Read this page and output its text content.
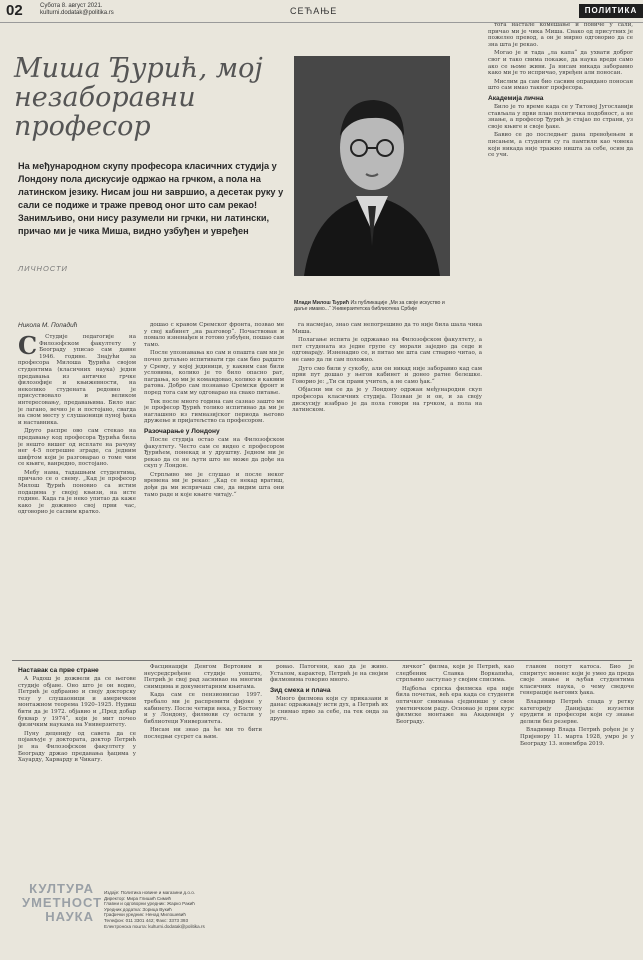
02	Субота 8. август 2021.
kulturni.dodatak@politika.rs	СЕЋАЊЕ	ПОЛИТИКА
Миша Ђурић, мој незаборавни професор

На међународном скупу професора класичних студија у Лондону пола дискусије одржао на грчком, а пола на латинском језику. Нисам још ни завршио, а десетак руку у сали се подиже и траже превод оног што сам рекао! Занимљиво, они нису разумели ни грчки, ни латински, причао ми је чика Миша, видно узбуђен и увређен

ЛИЧНОСТИ
Млади Милош Ђурић Из публикације „Ми за своје искуство и даље имамо...“ Универзитетска библиотека Србије
Никола М. Попадић
С	Студије педагогије на Филозофском факултету у Београду уписао сам давне 1946. године. Знајући за професора Милоша Ђурића својом студентима (класичних наука) једни предавања из античке грчке филозофије и књижевности, на неколико студената редовно је присуствовало и великом интересовању, предавањима. Било нас је лагано, вечно је и постојано, свагда на свом месту у слушаоници пуној ђака и наставника.

Друго распре ово сам стекао на предавању код професора Ђурића била је нешто вишег од исплате на рачуну нег 4-5 погрешне зграде, са једним шифтом који је разговарао о томе чим се књиге, ванредно, постојано.

Мебу нама, тадашњим студентима, причало се о свему. „Кад је професор Милош Ђурић поновио са истим подацима у својој књизи, на исте године. Када га је неко упитао да каже како је доживео свој први час, одговорио је сасвим кратко.

дошао с кравом Сремског фронта, позвао ме у свој кабинет „на разговор“. Почаствован и помало изненађен и готово узбуђен, пошао сам тамо.

После упознавања ко сам и опашта сам ми је почео детаљно испитивати где сам био радшто у Срему, у којој јединици, у каквим сам били условима, колико је то било опасно рат, пагдања, ко ми је командовао, колико и каквим ратова. Добро сам познавао Сремски фронт и поред тога сам му одговарао на свако питање.

Тек после много година сам сазнао зашто ме је професор Ђурић толико испитивао да ми је наглашено из гимназијског периода његово дружење и пријатељство са професором.

Разочарање у Лондону

После студија остао сам на Филозофском факултету. Често сам се видео с професором Ђурићем, понекад и у друштву. Једном ми је рекао да се не љути што не може да дође на скуп у Лондон.

Стрпљиво ме је слушао и после неког времена ми је рекао: „Кад се некад вратиш, дођи да ми испричаш све, да видим шта они тамо раде и које књиге читају.“

га насмејао, знао сам непогрешиво да то није била шала чика Миша.

Полагање испита је одржавао на Филозофском факултету, а пет студената из једне групе су морали заједно да седе и одговарају. Изненадио се, и питао ме шта сам стварно читао, а не само да ли сам положио.

Дуго смо били у сукобу, али он никад није заборавио кад сам први пут дошао у његов кабинет и донео ратне белешке. Говорио је: „Ти си прави учитељ, а не само ђак.“

Објасни ми се да је у Лондону одржан међународни скуп професора класичних студија. Позван је и он, и за своју дискусију изабрао је да пола говори на грчком, а пола на латинском.

тога настале комешање и повиче у сали, причао ми је чика Миша. Свако од присутних је пожелео превод, а он је мирно одговорио да се зна шта је рекао.

Могао је и тада „ла капа“ да ухвати доброг свог и тако свима покаже, да наука вреди само ако се њоме живи. Ја нисам никада заборавио како ми је то испричао, увређен али поносан.

Мислим да сам био сасвим оправдано поносан што сам имао таквог професора.

Академија лична

Било је то време када се у Титовој Југославији стављала у први план политичка подобност, а не знање, а професор Ђурић је стајао по страни, уз своје књиге и своје ђаке.

Бавио се до последњег дана превођењем и писањем, а студенти су га памтили као човека који никада није тражио ништа за себе, осим да се учи.

Наставак са прве стране

А Радош је дожвели да се његове студије објаве. Оно што је он водио, Петрић је одбранио и своју докторску тезу у слушаоници и америчком монтажном теорема 1920–1925. Нудиш бити да је 1972. објавио и „Пред добар буквар у 1974“, који је мит почео физичким наукама на Универзитету.

Пуну деценију од савета да се појављује у доктората, доктор Петрић је на Филозофском факултету у Београду држао предавања ђацима у Хауарду, Харварду и Чикагу.

Фасцинацији Денгом Вертовим и неусредсређене студије уопште, Петрић је свој рад заснивао на многим снимцима и документарним књигама.

Када сам се пензионисао 1997. требало ми је распремити фијоке у кабинету. После четири века, у Бостону и у Лондону, филмови су остали у библиотеци Универзитета.

Нисам ни знао да ће ми то бити последњи сусрет са њим.

ровао. Патогени, као да је живо. Усталом, карактер, Петрић је на својим филмовима говорио много.

Зид смеха и плача

Много филмова који су приказани и данас одражавају исти дух, а Петрић их је снимао прво за себе, па тек онда за друге.

личког“ филма, који је Петрић, као следбеник Славка Воркапића, стрпљиво заступао у својим списима.

Најбоља српска филмска ера није била почетак, већ ера када се студенти оптичког снимања сјединише у свом уметничком раду. Основао је први курс филмске монтаже на Академији у Београду.

главом попут катоса. Био је спиритус мовенс који је умео да преда своје знање и љубав студентима класичних наука, о чему сведоче генерације његових ђака.

Владимир Петрић спада у ретку категорију Данијада: изузетни ерудити и професори који су знање делили без резерве.

Владимир Влада Петрић рођен је у Пријевору 11. марта 1928, умро је у Београду 13. новембра 2019.

КУЛТУРА УМЕТНОСТ НАУКА
Издаје: Политика новине и магазини д.о.о.
Директор: Мира Глишић Симић
Главни и одговорни уредник: Жарко Ракић
Уредник додатка: Зорица Вукић
Графички уредник: Ненад Милошевић
Телефон: 011 3301 442; Факс: 3373 393
Електронска пошта: kulturni.dodatak@politika.rs
